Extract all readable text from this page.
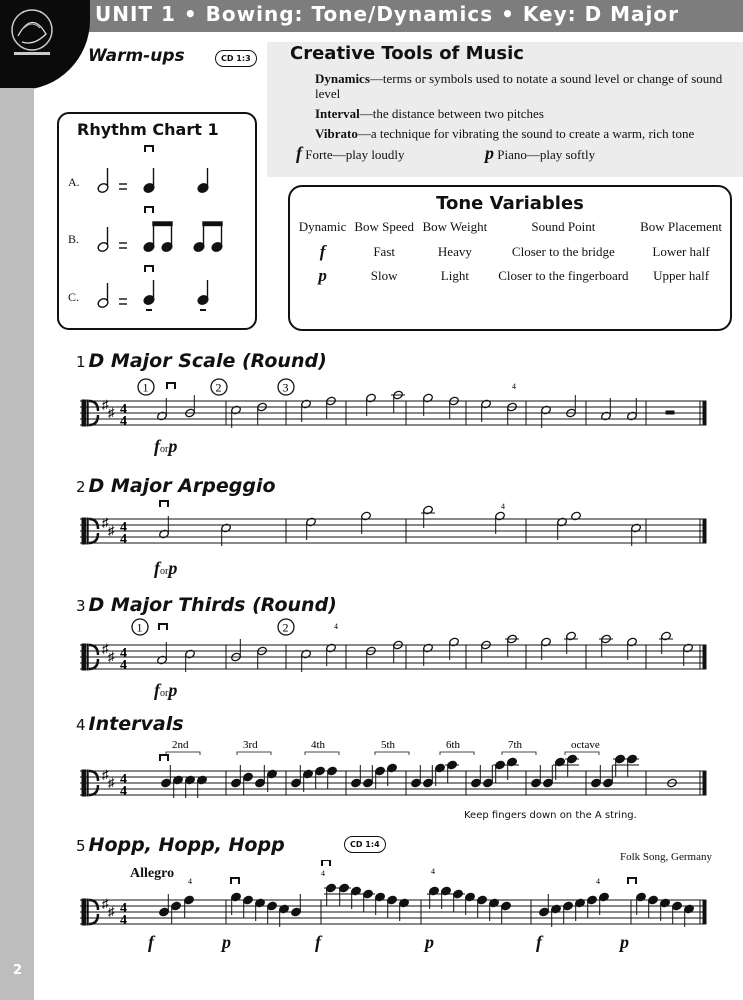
UNIT 1 • Bowing: Tone/Dynamics • Key: D Major
2
Warm-ups	CD 1:3	Creative Tools of Music
Dynamics—terms or symbols used to notate a sound level or change of sound level
Interval—the distance between two pitches
Vibrato—a technique for vibrating the sound to create a warm, rich tone
f Forte—play loudly	p Piano—play softly
Rhythm Chart 1
A.
B.
C.
Tone Variables
Dynamic	Bow Speed	Bow Weight	Sound Point	Bow Placement
f	Fast	Heavy	Closer to the bridge	Lower half
p	Slow	Light	Closer to the fingerboard	Upper half
1 D Major Scale (Round)
♯
♯ 4
4
1	2	3	4
forp
2 D Major Arpeggio
♯
♯ 4
4
4
forp
3 D Major Thirds (Round)
♯
♯ 4
4
1	2	4
forp
4 Intervals
♯
♯ 4
4
2nd	3rd	4th	5th	6th	7th	octave
Keep fingers down on the A string.
5 Hopp, Hopp, Hopp	CD 1:4
Folk Song, Germany
Allegro
♯
♯ 4
4
4
4	4
4
f	p	f	p	f	p
